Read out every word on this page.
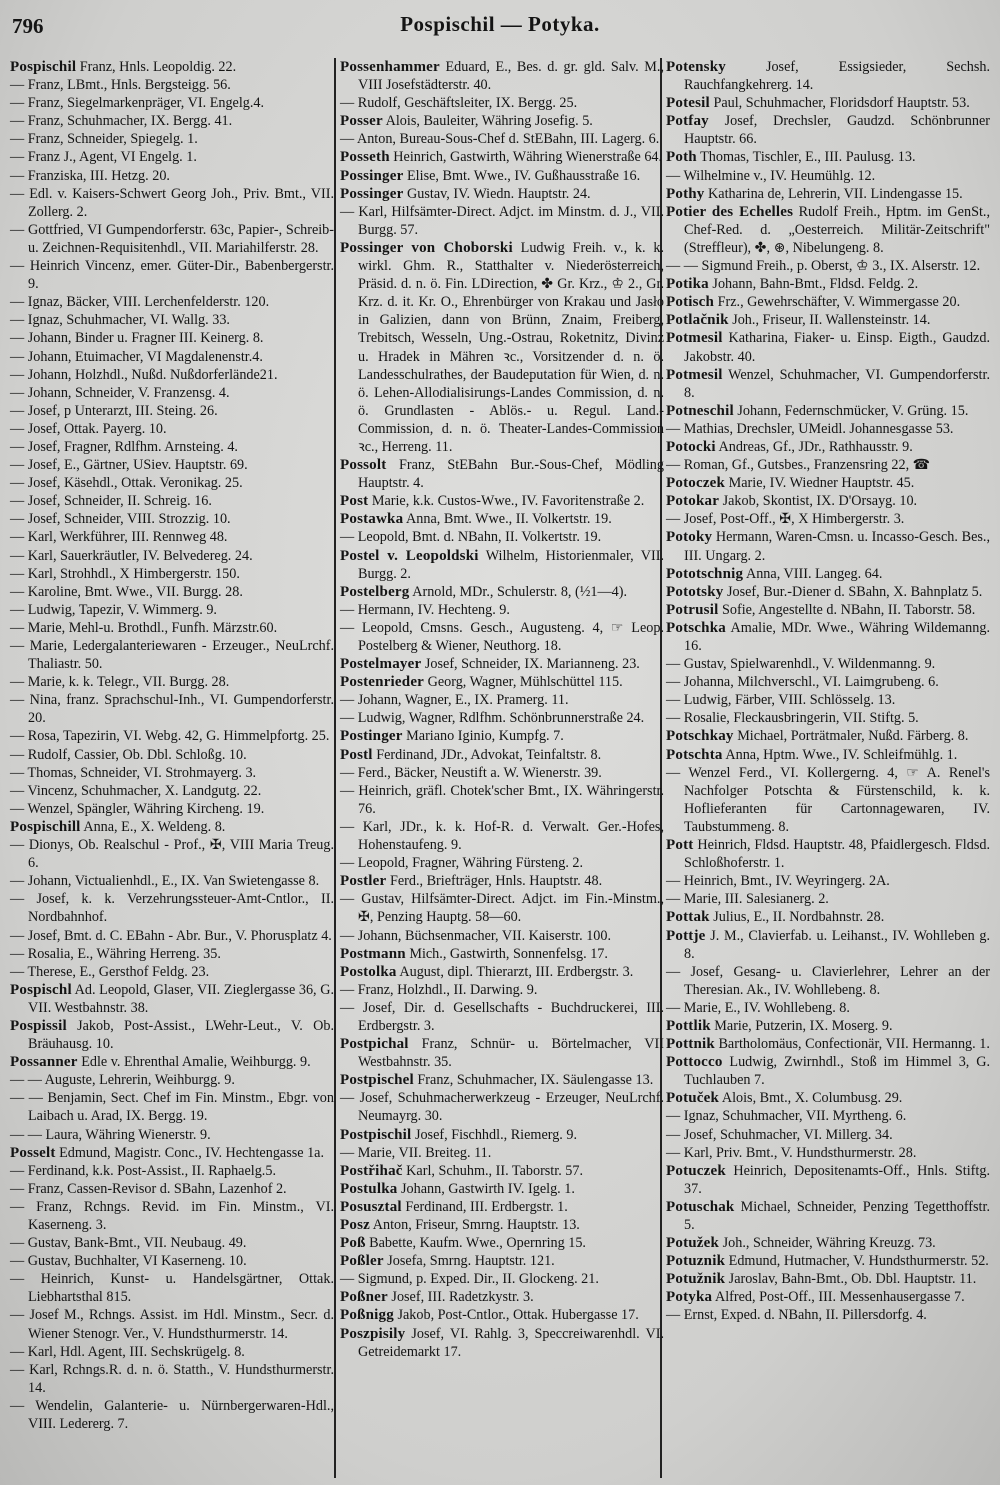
796	Pospischil — Potyka.
Pospischil Franz, Hnls. Leopoldig. 22.
— Franz, LBmt., Hnls. Bergsteigg. 56.
— Franz, Siegelmarkenpräger, VI. Engelg.4.
— Franz, Schuhmacher, IX. Bergg. 41.
— Franz, Schneider, Spiegelg. 1.
— Franz J., Agent, VI Engelg. 1.
— Franziska, III. Hetzg. 20.
— Edl. v. Kaisers-Schwert Georg Joh., Priv. Bmt., VII. Zollerg. 2.
— Gottfried, VI Gumpendorferstr. 63c, Papier-, Schreib- u. Zeichnen-Requisitenhdl., VII. Mariahilferstr. 28.
— Heinrich Vincenz, emer. Güter-Dir., Babenbergerstr. 9.
— Ignaz, Bäcker, VIII. Lerchenfelderstr. 120.
— Ignaz, Schuhmacher, VI. Wallg. 33.
— Johann, Binder u. Fragner III. Keinerg. 8.
— Johann, Etuimacher, VI Magdalenenstr.4.
— Johann, Holzhdl., Nußd. Nußdorferlände21.
— Johann, Schneider, V. Franzensg. 4.
— Josef, p Unterarzt, III. Steing. 26.
— Josef, Ottak. Payerg. 10.
— Josef, Fragner, Rdlfhm. Arnsteing. 4.
— Josef, E., Gärtner, USiev. Hauptstr. 69.
— Josef, Käsehdl., Ottak. Veronikag. 25.
— Josef, Schneider, II. Schreig. 16.
— Josef, Schneider, VIII. Strozzig. 10.
— Karl, Werkführer, III. Rennweg 48.
— Karl, Sauerkräutler, IV. Belvedereg. 24.
— Karl, Strohhdl., X Himbergerstr. 150.
— Karoline, Bmt. Wwe., VII. Burgg. 28.
— Ludwig, Tapezir, V. Wimmerg. 9.
— Marie, Mehl-u. Brothdl., Funfh. Märzstr.60.
— Marie, Ledergalanteriewaren - Erzeuger., NeuLrchf. Thaliastr. 50.
— Marie, k. k. Telegr., VII. Burgg. 28.
— Nina, franz. Sprachschul-Inh., VI. Gumpendorferstr. 20.
— Rosa, Tapezirin, VI. Webg. 42, G. Himmelpfortg. 25.
— Rudolf, Cassier, Ob. Dbl. Schloßg. 10.
— Thomas, Schneider, VI. Strohmayerg. 3.
— Vincenz, Schuhmacher, X. Landgutg. 22.
— Wenzel, Spängler, Währing Kircheng. 19.
Pospischill Anna, E., X. Weldeng. 8.
— Dionys, Ob. Realschul - Prof., ✠, VIII Maria Treug. 6.
— Johann, Victualienhdl., E., IX. Van Swietengasse 8.
— Josef, k. k. Verzehrungssteuer-Amt-Cntlor., II. Nordbahnhof.
— Josef, Bmt. d. C. EBahn - Abr. Bur., V. Phorusplatz 4.
— Rosalia, E., Währing Herreng. 35.
— Therese, E., Gersthof Feldg. 23.
Pospischl Ad. Leopold, Glaser, VII. Zieglergasse 36, G. VII. Westbahnstr. 38.
Pospissil Jakob, Post-Assist., LWehr-Leut., V. Ob. Bräuhausg. 10.
Possanner Edle v. Ehrenthal Amalie, Weihburgg. 9.
— — Auguste, Lehrerin, Weihburgg. 9.
— — Benjamin, Sect. Chef im Fin. Minstm., Ebgr. von Laibach u. Arad, IX. Bergg. 19.
— — Laura, Währing Wienerstr. 9.
Posselt Edmund, Magistr. Conc., IV. Hechtengasse 1a.
— Ferdinand, k.k. Post-Assist., II. Raphaelg.5.
— Franz, Cassen-Revisor d. SBahn, Lazenhof 2.
— Franz, Rchngs. Revid. im Fin. Minstm., VI. Kaserneng. 3.
— Gustav, Bank-Bmt., VII. Neubaug. 49.
— Gustav, Buchhalter, VI Kaserneng. 10.
— Heinrich, Kunst- u. Handelsgärtner, Ottak. Liebhartsthal 815.
— Josef M., Rchngs. Assist. im Hdl. Minstm., Secr. d. Wiener Stenogr. Ver., V. Hundsthurmerstr. 14.
— Karl, Hdl. Agent, III. Sechskrügelg. 8.
— Karl, Rchngs.R. d. n. ö. Statth., V. Hundsthurmerstr. 14.
— Wendelin, Galanterie- u. Nürnbergerwaren-Hdl., VIII. Ledererg. 7.
Possenhammer Eduard, E., Bes. d. gr. gld. Salv. M., VIII Josefstädterstr. 40.
— Rudolf, Geschäftsleiter, IX. Bergg. 25.
Posser Alois, Bauleiter, Währing Josefig. 5.
— Anton, Bureau-Sous-Chef d. StEBahn, III. Lagerg. 6.
Posseth Heinrich, Gastwirth, Währing Wienerstraße 64.
Possinger Elise, Bmt. Wwe., IV. Gußhausstraße 16.
Possinger Gustav, IV. Wiedn. Hauptstr. 24.
— Karl, Hilfsämter-Direct. Adjct. im Minstm. d. J., VII. Burgg. 57.
Possinger von Choborski Ludwig Freih. v., k. k. wirkl. Ghm. R., Statthalter v. Niederösterreich, Präsid. d. n. ö. Fin. LDirection, ✤ Gr. Krz., ♔ 2., Gr. Krz. d. it. Kr. O., Ehrenbürger von Krakau und Jasło in Galizien, dann von Brünn, Znaim, Freiberg, Trebitsch, Wesseln, Ung.-Ostrau, Roketnitz, Divinz u. Hradek in Mähren ꝛc., Vorsitzender d. n. ö. Landesschulrathes, der Baudeputation für Wien, d. n. ö. Lehen-Allodialisirungs-Landes Commission, d. n. ö. Grundlasten - Ablös.- u. Regul. Land.-Commission, d. n. ö. Theater-Landes-Commission ꝛc., Herreng. 11.
Possolt Franz, StEBahn Bur.-Sous-Chef, Mödling Hauptstr. 4.
Post Marie, k.k. Custos-Wwe., IV. Favoritenstraße 2.
Postawka Anna, Bmt. Wwe., II. Volkertstr. 19.
— Leopold, Bmt. d. NBahn, II. Volkertstr. 19.
Postel v. Leopoldski Wilhelm, Historienmaler, VII. Burgg. 2.
Postelberg Arnold, MDr., Schulerstr. 8, (½1—4).
— Hermann, IV. Hechteng. 9.
— Leopold, Cmsns. Gesch., Augusteng. 4, ☞ Leop. Postelberg & Wiener, Neuthorg. 18.
Postelmayer Josef, Schneider, IX. Marianneng. 23.
Postenrieder Georg, Wagner, Mühlschüttel 115.
— Johann, Wagner, E., IX. Pramerg. 11.
— Ludwig, Wagner, Rdlfhm. Schönbrunnerstraße 24.
Postinger Mariano Iginio, Kumpfg. 7.
Postl Ferdinand, JDr., Advokat, Teinfaltstr. 8.
— Ferd., Bäcker, Neustift a. W. Wienerstr. 39.
— Heinrich, gräfl. Chotek'scher Bmt., IX. Währingerstr. 76.
— Karl, JDr., k. k. Hof-R. d. Verwalt. Ger.-Hofes, Hohenstaufeng. 9.
— Leopold, Fragner, Währing Fürsteng. 2.
Postler Ferd., Briefträger, Hnls. Hauptstr. 48.
— Gustav, Hilfsämter-Direct. Adjct. im Fin.-Minstm., ✠, Penzing Hauptg. 58—60.
— Johann, Büchsenmacher, VII. Kaiserstr. 100.
Postmann Mich., Gastwirth, Sonnenfelsg. 17.
Postolka August, dipl. Thierarzt, III. Erdbergstr. 3.
— Franz, Holzhdl., II. Darwing. 9.
— Josef, Dir. d. Gesellschafts - Buchdruckerei, III. Erdbergstr. 3.
Postpichal Franz, Schnür- u. Börtelmacher, VII Westbahnstr. 35.
Postpischel Franz, Schuhmacher, IX. Säulengasse 13.
— Josef, Schuhmacherwerkzeug - Erzeuger, NeuLrchf. Neumayrg. 30.
Postpischil Josef, Fischhdl., Riemerg. 9.
— Marie, VII. Breiteg. 11.
Postřihač Karl, Schuhm., II. Taborstr. 57.
Postulka Johann, Gastwirth IV. Igelg. 1.
Posusztal Ferdinand, III. Erdbergstr. 1.
Posz Anton, Friseur, Smrng. Hauptstr. 13.
Poß Babette, Kaufm. Wwe., Opernring 15.
Poßler Josefa, Smrng. Hauptstr. 121.
— Sigmund, p. Exped. Dir., II. Glockeng. 21.
Poßner Josef, III. Radetzkystr. 3.
Poßnigg Jakob, Post-Cntlor., Ottak. Hubergasse 17.
Poszpisily Josef, VI. Rahlg. 3, Speccreiwarenhdl. VI. Getreidemarkt 17.
Potensky Josef, Essigsieder, Sechsh. Rauchfangkehrerg. 14.
Potesil Paul, Schuhmacher, Floridsdorf Hauptstr. 53.
Potfay Josef, Drechsler, Gaudzd. Schönbrunner Hauptstr. 66.
Poth Thomas, Tischler, E., III. Paulusg. 13.
— Wilhelmine v., IV. Heumühlg. 12.
Pothy Katharina de, Lehrerin, VII. Lindengasse 15.
Potier des Echelles Rudolf Freih., Hptm. im GenSt., Chef-Red. d. „Oesterreich. Militär-Zeitschrift" (Streffleur), ✤, ⊛, Nibelungeng. 8.
— — Sigmund Freih., p. Oberst, ♔ 3., IX. Alserstr. 12.
Potika Johann, Bahn-Bmt., Fldsd. Feldg. 2.
Potisch Frz., Gewehrschäfter, V. Wimmergasse 20.
Potlačnik Joh., Friseur, II. Wallensteinstr. 14.
Potmesil Katharina, Fiaker- u. Einsp. Eigth., Gaudzd. Jakobstr. 40.
Potmesil Wenzel, Schuhmacher, VI. Gumpendorferstr. 8.
Potneschil Johann, Federnschmücker, V. Grüng. 15.
— Mathias, Drechsler, UMeidl. Johannesgasse 53.
Potocki Andreas, Gf., JDr., Rathhausstr. 9.
— Roman, Gf., Gutsbes., Franzensring 22, ☎
Potoczek Marie, IV. Wiedner Hauptstr. 45.
Potokar Jakob, Skontist, IX. D'Orsayg. 10.
— Josef, Post-Off., ✠, X Himbergerstr. 3.
Potoky Hermann, Waren-Cmsn. u. Incasso-Gesch. Bes., III. Ungarg. 2.
Pototschnig Anna, VIII. Langeg. 64.
Pototsky Josef, Bur.-Diener d. SBahn, X. Bahnplatz 5.
Potrusil Sofie, Angestellte d. NBahn, II. Taborstr. 58.
Potschka Amalie, MDr. Wwe., Währing Wildemanng. 16.
— Gustav, Spielwarenhdl., V. Wildenmanng. 9.
— Johanna, Milchverschl., VI. Laimgrubeng. 6.
— Ludwig, Färber, VIII. Schlösselg. 13.
— Rosalie, Fleckausbringerin, VII. Stiftg. 5.
Potschkay Michael, Porträtmaler, Nußd. Färberg. 8.
Potschta Anna, Hptm. Wwe., IV. Schleifmühlg. 1.
— Wenzel Ferd., VI. Kollergerng. 4, ☞ A. Renel's Nachfolger Potschta & Fürstenschild, k. k. Hoflieferanten für Cartonnagewaren, IV. Taubstummeng. 8.
Pott Heinrich, Fldsd. Hauptstr. 48, Pfaidlergesch. Fldsd. Schloßhoferstr. 1.
— Heinrich, Bmt., IV. Weyringerg. 2A.
— Marie, III. Salesianerg. 2.
Pottak Julius, E., II. Nordbahnstr. 28.
Pottje J. M., Clavierfab. u. Leihanst., IV. Wohlleben g. 8.
— Josef, Gesang- u. Clavierlehrer, Lehrer an der Theresian. Ak., IV. Wohllebeng. 8.
— Marie, E., IV. Wohllebeng. 8.
Pottlik Marie, Putzerin, IX. Moserg. 9.
Pottnik Bartholomäus, Confectionär, VII. Hermanng. 1.
Pottocco Ludwig, Zwirnhdl., Stoß im Himmel 3, G. Tuchlauben 7.
Potuček Alois, Bmt., X. Columbusg. 29.
— Ignaz, Schuhmacher, VII. Myrtheng. 6.
— Josef, Schuhmacher, VI. Millerg. 34.
— Karl, Priv. Bmt., V. Hundsthurmerstr. 28.
Potuczek Heinrich, Depositenamts-Off., Hnls. Stiftg. 37.
Potuschak Michael, Schneider, Penzing Tegetthoffstr. 5.
Potužek Joh., Schneider, Währing Kreuzg. 73.
Potuznik Edmund, Hutmacher, V. Hundsthurmerstr. 52.
Potužnik Jaroslav, Bahn-Bmt., Ob. Dbl. Hauptstr. 11.
Potyka Alfred, Post-Off., III. Messenhausergasse 7.
— Ernst, Exped. d. NBahn, II. Pillersdorfg. 4.
